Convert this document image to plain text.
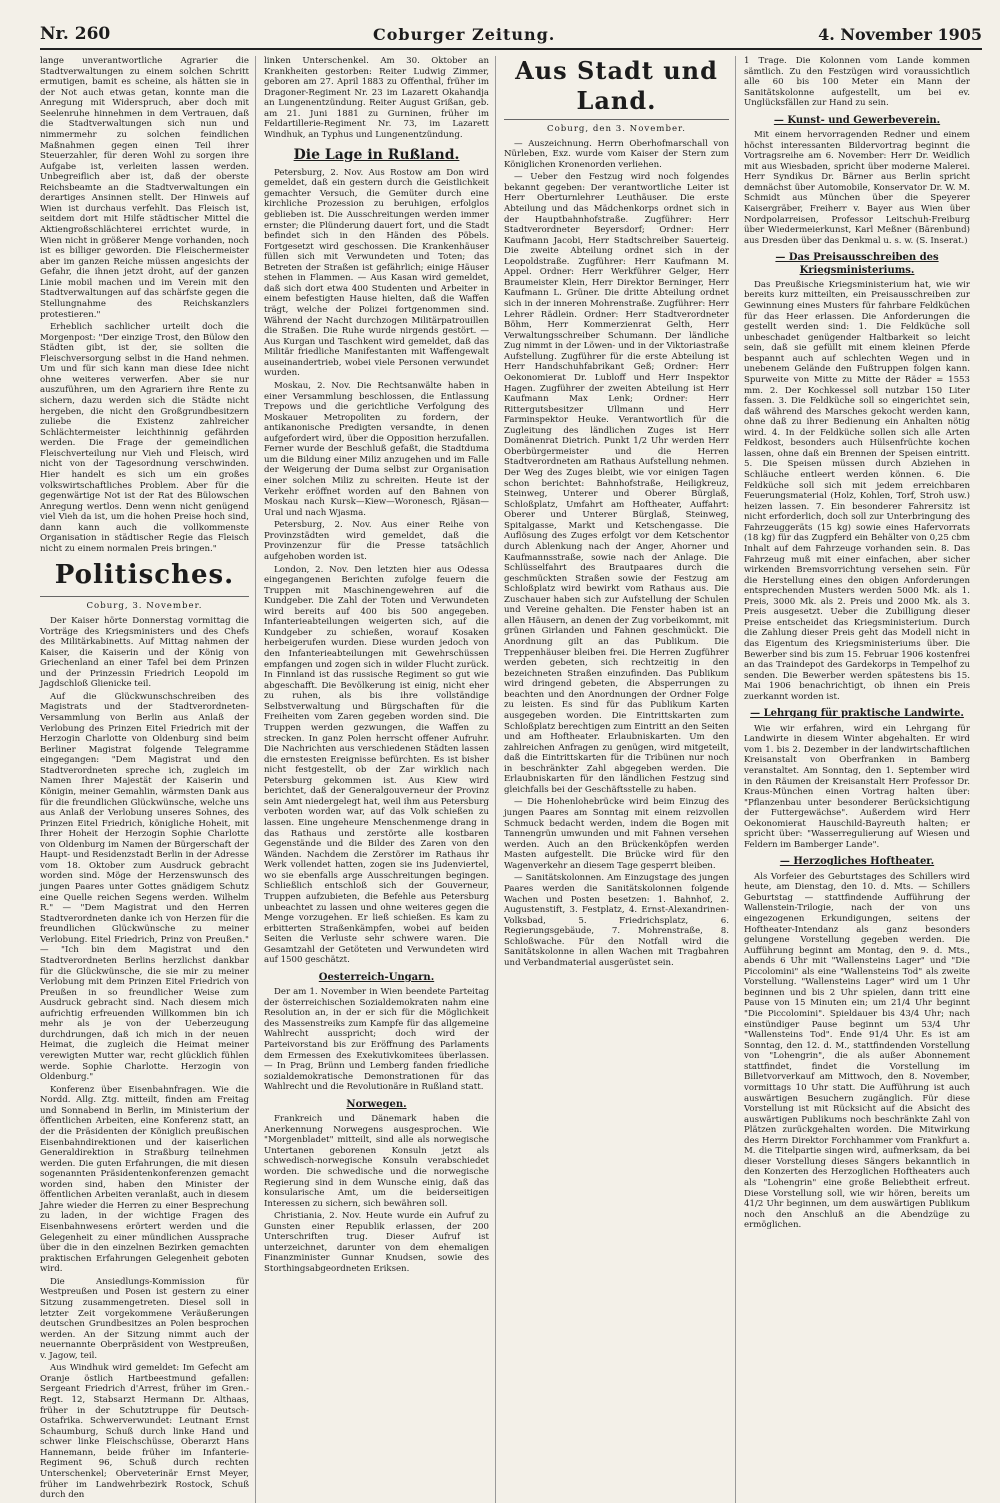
Nr. 260	Coburger Zeitung.	4. November 1905

lange unverantwortliche Agrarier die Stadtverwaltungen zu einem solchen Schritt ermutigen, bamit es scheine, als hätten sie in der Not auch etwas getan, konnte man die Anregung mit Widerspruch, aber doch mit Seelenruhe hinnehmen in dem Vertrauen, daß die Stadtverwaltungen sich nun und nimmermehr zu solchen feindlichen Maßnahmen gegen einen Teil ihrer Steuerzahler, für deren Wohl zu sorgen ihre Aufgabe ist, verleiten lassen werden. Unbegreiflich aber ist, daß der oberste Reichsbeamte an die Stadtverwaltungen ein derartiges Ansinnen stellt. Der Hinweis auf Wien ist durchaus verfehlt. Das Fleisch ist, seitdem dort mit Hilfe städtischer Mittel die Aktiengroßschlächterei errichtet wurde, in Wien nicht in größerer Menge vorhanden, noch ist es billiger geworden. Die Fleischermeister aber im ganzen Reiche müssen angesichts der Gefahr, die ihnen jetzt droht, auf der ganzen Linie mobil machen und im Verein mit den Stadtverwaltungen auf das schärfste gegen die Stellungnahme des Reichskanzlers protestieren."

Erheblich sachlicher urteilt doch die Morgenpost: "Der einzige Trost, den Bülow den Städten gibt, ist der, sie sollten die Fleischversorgung selbst in die Hand nehmen. Um und für sich kann man diese Idee nicht ohne weiteres verwerfen. Aber sie nur auszuführen, um den Agrariern ihre Rente zu sichern, dazu werden sich die Städte nicht hergeben, die nicht den Großgrundbesitzern zuliebe die Existenz zahlreicher Schlächtermeister leichthinnig gefährden werden. Die Frage der gemeindlichen Fleischverteilung nur Vieh und Fleisch, wird nicht von der Tagesordnung verschwinden. Hier handelt es sich um ein großes volkswirtschaftliches Problem. Aber für die gegenwärtige Not ist der Rat des Bülowschen Anregung wertlos. Denn wenn nicht genügend viel Vieh da ist, um die hohen Preise hoch sind, dann kann auch die vollkommenste Organisation in städtischer Regie das Fleisch nicht zu einem normalen Preis bringen."

Politisches.
Coburg, 3. November.

Der Kaiser hörte Donnerstag vormittag die Vorträge des Kriegsministers und des Chefs des Militärkabinetts. Auf Mittag nahmen der Kaiser, die Kaiserin und der König von Griechenland an einer Tafel bei dem Prinzen und der Prinzessin Friedrich Leopold im Jagdschloß Glienicke teil.

Auf die Glückwunschschreiben des Magistrats und der Stadtverordneten-Versammlung von Berlin aus Anlaß der Verlobung des Prinzen Eitel Friedrich mit der Herzogin Charlotte von Oldenburg sind beim Berliner Magistrat folgende Telegramme eingegangen: "Dem Magistrat und den Stadtverordneten spreche ich, zugleich im Namen Ihrer Majestät der Kaiserin und Königin, meiner Gemahlin, wärmsten Dank aus für die freundlichen Glückwünsche, welche uns aus Anlaß der Verlobung unseres Sohnes, des Prinzen Eitel Friedrich, königliche Hoheit, mit Ihrer Hoheit der Herzogin Sophie Charlotte von Oldenburg im Namen der Bürgerschaft der Haupt- und Residenzstadt Berlin in der Adresse vom 18. Oktober zum Ausdruck gebracht worden sind. Möge der Herzenswunsch des jungen Paares unter Gottes gnädigem Schutz eine Quelle reichen Segens werden. Wilhelm R." — "Dem Magistrat und den Herren Stadtverordneten danke ich von Herzen für die freundlichen Glückwünsche zu meiner Verlobung. Eitel Friedrich, Prinz von Preußen." — "Ich bin dem Magistrat und den Stadtverordneten Berlins herzlichst dankbar für die Glückwünsche, die sie mir zu meiner Verlobung mit dem Prinzen Eitel Friedrich von Preußen in so freundlicher Weise zum Ausdruck gebracht sind. Nach diesem mich aufrichtig erfreuenden Willkommen bin ich mehr als je von der Ueberzeugung durchdrungen, daß ich mich in der neuen Heimat, die zugleich die Heimat meiner verewigten Mutter war, recht glücklich fühlen werde. Sophie Charlotte. Herzogin von Oldenburg."

Konferenz über Eisenbahnfragen. Wie die Nordd. Allg. Ztg. mitteilt, finden am Freitag und Sonnabend in Berlin, im Ministerium der öffentlichen Arbeiten, eine Konferenz statt, an der die Präsidenten der Königlich preußischen Eisenbahndirektionen und der kaiserlichen Generaldirektion in Straßburg teilnehmen werden. Die guten Erfahrungen, die mit diesen sogenannten Präsidentenkonferenzen gemacht worden sind, haben den Minister der öffentlichen Arbeiten veranlaßt, auch in diesem Jahre wieder die Herren zu einer Besprechung zu laden, in der wichtige Fragen des Eisenbahnwesens erörtert werden und die Gelegenheit zu einer mündlichen Aussprache über die in den einzelnen Bezirken gemachten praktischen Erfahrungen Gelegenheit geboten wird.

Die Ansiedlungs-Kommission für Westpreußen und Posen ist gestern zu einer Sitzung zusammengetreten. Diesel soll in letzter Zeit vorgekommene Veräußerungen deutschen Grundbesitzes an Polen besprochen werden. An der Sitzung nimmt auch der neuernannte Oberpräsident von Westpreußen, v. Jagow, teil.

Aus Windhuk wird gemeldet: Im Gefecht am Oranje östlich Hartbeestmund gefallen: Sergeant Friedrich d'Arrest, früher im Gren.-Regt. 12, Stabsarzt Hermann Dr. Althaas, früher in der Schutztruppe für Deutsch-Ostafrika. Schwerverwundet: Leutnant Ernst Schaumburg, Schuß durch linke Hand und schwer linke Fleischschüsse, Oberarzt Hans Hannemann, beide früher im Infanterie-Regiment 96, Schuß durch rechten Unterschenkel; Oberveterinär Ernst Meyer, früher im Landwehrbezirk Rostock, Schuß durch den

linken Unterschenkel. Am 30. Oktober an Krankheiten gestorben: Reiter Ludwig Zimmer, geboren am 27. April 1883 zu Offenthal, früher im Dragoner-Regiment Nr. 23 im Lazarett Okahandja an Lungenentzündung. Reiter August Grißan, geb. am 21. Juni 1881 zu Gurninen, früher im Feldartillerie-Regiment Nr. 73, im Lazarett Windhuk, an Typhus und Lungenentzündung.

Die Lage in Rußland.

Petersburg, 2. Nov. Aus Rostow am Don wird gemeldet, daß ein gestern durch die Geistlichkeit gemachter Versuch, die Gemüter durch eine kirchliche Prozession zu beruhigen, erfolglos geblieben ist. Die Ausschreitungen werden immer ernster; die Plünderung dauert fort, und die Stadt befindet sich in den Händen des Pöbels. Fortgesetzt wird geschossen. Die Krankenhäuser füllen sich mit Verwundeten und Toten; das Betreten der Straßen ist gefährlich; einige Häuser stehen in Flammen. — Aus Kasan wird gemeldet, daß sich dort etwa 400 Studenten und Arbeiter in einem befestigten Hause hielten, daß die Waffen trägt, welche der Polizei fortgenommen sind. Während der Nacht durchzogen Militärpatrouillen die Straßen. Die Ruhe wurde nirgends gestört. — Aus Kurgan und Taschkent wird gemeldet, daß das Militär friedliche Manifestanten mit Waffengewalt auseinandertrieb, wobei viele Personen verwundet wurden.

Moskau, 2. Nov. Die Rechtsanwälte haben in einer Versammlung beschlossen, die Entlassung Trepows und die gerichtliche Verfolgung des Moskauer Metropoliten zu fordern, der antikanonische Predigten versandte, in denen aufgefordert wird, über die Opposition herzufallen. Ferner wurde der Beschluß gefaßt, die Stadtduma um die Bildung einer Miliz anzugehen und im Falle der Weigerung der Duma selbst zur Organisation einer solchen Miliz zu schreiten. Heute ist der Verkehr eröffnet worden auf den Bahnen von Moskau nach Kursk—Kiew—Woronesch, Rjäsan—Ural und nach Wjasma.

Petersburg, 2. Nov. Aus einer Reihe von Provinzstädten wird gemeldet, daß die Provinzenzur für die Presse tatsächlich aufgehoben worden ist.

London, 2. Nov. Den letzten hier aus Odessa eingegangenen Berichten zufolge feuern die Truppen mit Maschinengewehren auf die Kundgeber. Die Zahl der Toten und Verwundeten wird bereits auf 400 bis 500 angegeben. Infanterieabteilungen weigerten sich, auf die Kundgeber zu schießen, worauf Kosaken herbeigerufen wurden. Diese wurden jedoch von den Infanterieabteilungen mit Gewehrschüssen empfangen und zogen sich in wilder Flucht zurück. In Finnland ist das russische Regiment so gut wie abgeschafft. Die Bevölkerung ist einig, nicht eher zu ruhen, als bis ihre vollständige Selbstverwaltung und Bürgschaften für die Freiheiten vom Zaren gegeben worden sind. Die Truppen werden gezwungen, die Waffen zu strecken. In ganz Polen herrscht offener Aufruhr. Die Nachrichten aus verschiedenen Städten lassen die ernstesten Ereignisse befürchten. Es ist bisher nicht festgestellt, ob der Zar wirklich nach Petersburg gekommen ist. Aus Kiew wird berichtet, daß der Generalgouverneur der Provinz sein Amt niedergelegt hat, weil ihm aus Petersburg verboten worden war, auf das Volk schießen zu lassen. Eine ungeheure Menschenmenge drang in das Rathaus und zerstörte alle kostbaren Gegenstände und die Bilder des Zaren von den Wänden. Nachdem die Zerstörer im Rathaus ihr Werk vollendet hatten, zogen sie ins Judenviertel, wo sie ebenfalls arge Ausschreitungen begingen. Schließlich entschloß sich der Gouverneur, Truppen aufzubieten, die Befehle aus Petersburg unbeachtet zu lassen und ohne weiteres gegen die Menge vorzugehen. Er ließ schießen. Es kam zu erbitterten Straßenkämpfen, wobei auf beiden Seiten die Verluste sehr schwere waren. Die Gesamtzahl der Getöteten und Verwundeten wird auf 1500 geschätzt.

Oesterreich-Ungarn.

Der am 1. November in Wien beendete Parteitag der österreichischen Sozialdemokraten nahm eine Resolution an, in der er sich für die Möglichkeit des Massenstreiks zum Kampfe für das allgemeine Wahlrecht ausspricht; doch wird der Parteivorstand bis zur Eröffnung des Parlaments dem Ermessen des Exekutivkomitees überlassen. — In Prag, Brünn und Lemberg fanden friedliche sozialdemokratische Demonstrationen für das Wahlrecht und die Revolutionäre in Rußland statt.

Norwegen.

Frankreich und Dänemark haben die Anerkennung Norwegens ausgesprochen. Wie "Morgenbladet" mitteilt, sind alle als norwegische Untertanen geborenen Konsuln jetzt als schwedisch-norwegische Konsuln verabschiedet worden. Die schwedische und die norwegische Regierung sind in dem Wunsche einig, daß das konsularische Amt, um die beiderseitigen Interessen zu sichern, sich bewähren soll.

Christiania, 2. Nov. Heute wurde ein Aufruf zu Gunsten einer Republik erlassen, der 200 Unterschriften trug. Dieser Aufruf ist unterzeichnet, darunter von dem ehemaligen Finanzminister Gunnar Knudsen, sowie des Storthingsabgeordneten Eriksen.

Aus Stadt und Land.
Coburg, den 3. November.

— Auszeichnung. Herrn Oberhofmarschall von Nürleben, Exz. wurde vom Kaiser der Stern zum Königlichen Kronenorden verliehen.

— Ueber den Festzug wird noch folgendes bekannt gegeben: Der verantwortliche Leiter ist Herr Oberturnlehrer Leuthäuser. Die erste Abteilung und das Mädchenkorps ordnet sich in der Hauptbahnhofstraße. Zugführer: Herr Stadtverordneter Beyersdorf; Ordner: Herr Kaufmann Jacobi, Herr Stadtschreiber Sauerteig. Die zweite Abteilung ordnet sich in der Leopoldstraße. Zugführer: Herr Kaufmann M. Appel. Ordner: Herr Werkführer Gelger, Herr Braumeister Klein, Herr Direktor Berninger, Herr Kaufmann L. Grüner. Die dritte Abteilung ordnet sich in der inneren Mohrenstraße. Zugführer: Herr Lehrer Rädlein. Ordner: Herr Stadtverordneter Böhm, Herr Kommerzienrat Gelth, Herr Verwaltungsschreiber Schumann. Der ländliche Zug nimmt in der Löwen- und in der Viktoriastraße Aufstellung. Zugführer für die erste Abteilung ist Herr Handschuhfabrikant Geß; Ordner: Herr Oekonomierat Dr. Lubloff und Herr Inspektor Hagen. Zugführer der zweiten Abteilung ist Herr Kaufmann Max Lenk; Ordner: Herr Rittergutsbesitzer Ullmann und Herr Farminspektor Heuke. Verantwortlich für die Zugleitung des ländlichen Zuges ist Herr Domänenrat Dietrich. Punkt 1/2 Uhr werden Herr Oberbürgermeister und die Herren Stadtverordneten am Rathaus Aufstellung nehmen. Der Weg des Zuges bleibt, wie vor einigen Tagen schon berichtet: Bahnhofstraße, Heiligkreuz, Steinweg, Unterer und Oberer Bürglaß, Schloßplatz, Umfahrt am Hoftheater, Auffahrt: Oberer und Unterer Bürglaß, Steinweg, Spitalgasse, Markt und Ketschengasse. Die Auflösung des Zuges erfolgt vor dem Ketschentor durch Ablenkung nach der Anger, Ahorner und Kaufmannsstraße, sowie nach der Anlage. Die Schlüsselfahrt des Brautpaares durch die geschmückten Straßen sowie der Festzug am Schloßplatz wird bewirkt vom Rathaus aus. Die Zuschauer haben sich zur Aufstellung der Schulen und Vereine gehalten. Die Fenster haben ist an allen Häusern, an denen der Zug vorbeikommt, mit grünen Girlanden und Fahnen geschmückt. Die Anordnung gilt an das Publikum. Die Treppenhäuser bleiben frei. Die Herren Zugführer werden gebeten, sich rechtzeitig in den bezeichneten Straßen einzufinden. Das Publikum wird dringend gebeten, die Absperrungen zu beachten und den Anordnungen der Ordner Folge zu leisten. Es sind für das Publikum Karten ausgegeben worden. Die Eintrittskarten zum Schloßplatz berechtigen zum Eintritt an den Seiten und am Hoftheater. Erlaubniskarten. Um den zahlreichen Anfragen zu genügen, wird mitgeteilt, daß die Eintrittskarten für die Tribünen nur noch in beschränkter Zahl abgegeben werden. Die Erlaubniskarten für den ländlichen Festzug sind gleichfalls bei der Geschäftsstelle zu haben.

— Die Hohenlohebrücke wird beim Einzug des jungen Paares am Sonntag mit einem reizvollen Schmuck bedacht werden, indem die Bogen mit Tannengrün umwunden und mit Fahnen versehen werden. Auch an den Brückenköpfen werden Masten aufgestellt. Die Brücke wird für den Wagenverkehr an diesem Tage gesperrt bleiben.

— Sanitätskolonnen. Am Einzugstage des jungen Paares werden die Sanitätskolonnen folgende Wachen und Posten besetzen: 1. Bahnhof, 2. Augustenstift, 3. Festplatz, 4. Ernst-Alexandrinen-Volksbad, 5. Friedrichsplatz, 6. Regierungsgebäude, 7. Mohrenstraße, 8. Schloßwache. Für den Notfall wird die Sanitätskolonne in allen Wachen mit Tragbahren und Verbandmaterial ausgerüstet sein.

1 Trage. Die Kolonnen vom Lande kommen sämtlich. Zu den Festzügen wird voraussichtlich alle 60 bis 100 Meter ein Mann der Sanitätskolonne aufgestellt, um bei ev. Unglücksfällen zur Hand zu sein.

— Kunst- und Gewerbeverein.

Mit einem hervorragenden Redner und einem höchst interessanten Bildervortrag beginnt die Vortragsreihe am 6. November: Herr Dr. Weidlich mit aus Wiesbaden, spricht über moderne Malerei. Herr Syndikus Dr. Bärner aus Berlin spricht demnächst über Automobile, Konservator Dr. W. M. Schmidt aus München über die Speyerer Kaisergräber, Freiherr v. Bayer aus Wien über Nordpolarreisen, Professor Leitschuh-Freiburg über Wiedermeierkunst, Karl Meßner (Bärenbund) aus Dresden über das Denkmal u. s. w. (S. Inserat.)

— Das Preisausschreiben des Kriegsministeriums.

Das Preußische Kriegsministerium hat, wie wir bereits kurz mitteilten, ein Preisausschreiben zur Gewinnung eines Musters für fahrbare Feldküchen für das Heer erlassen. Die Anforderungen die gestellt werden sind: 1. Die Feldküche soll unbeschadet genügender Haltbarkeit so leicht sein, daß sie gefüllt mit einem kleinen Pferde bespannt auch auf schlechten Wegen und in unebenem Gelände den Fußtruppen folgen kann. Spurweite von Mitte zu Mitte der Räder = 1553 mm. 2. Der Kochkessel soll nutzbar 150 Liter fassen. 3. Die Feldküche soll so eingerichtet sein, daß während des Marsches gekocht werden kann, ohne daß zu ihrer Bedienung ein Anhalten nötig wird. 4. In der Feldküche sollen sich alle Arten Feldkost, besonders auch Hülsenfrüchte kochen lassen, ohne daß ein Brennen der Speisen eintritt. 5. Die Speisen müssen durch Abziehen in Schläuche entleert werden können. 6. Die Feldküche soll sich mit jedem erreichbaren Feuerungsmaterial (Holz, Kohlen, Torf, Stroh usw.) heizen lassen. 7. Ein besonderer Fahrersitz ist nicht erforderlich, doch soll zur Unterbringung des Fahrzeuggeräts (15 kg) sowie eines Hafervorrats (18 kg) für das Zugpferd ein Behälter von 0,25 cbm Inhalt auf dem Fahrzeuge vorhanden sein. 8. Das Fahrzeug muß mit einer einfachen, aber sicher wirkenden Bremsvorrichtung versehen sein. Für die Herstellung eines den obigen Anforderungen entsprechenden Musters werden 5000 Mk. als 1. Preis, 3000 Mk. als 2. Preis und 2000 Mk. als 3. Preis ausgesetzt. Ueber die Zubilligung dieser Preise entscheidet das Kriegsministerium. Durch die Zahlung dieser Preis geht das Modell nicht in das Eigentum des Kriegsministeriums über. Die Bewerber sind bis zum 15. Februar 1906 kostenfrei an das Traindepot des Gardekorps in Tempelhof zu senden. Die Bewerber werden spätestens bis 15. Mai 1906 benachrichtigt, ob ihnen ein Preis zuerkannt worden ist.

— Lehrgang für praktische Landwirte.

Wie wir erfahren, wird ein Lehrgang für Landwirte in diesem Winter abgehalten. Er wird vom 1. bis 2. Dezember in der landwirtschaftlichen Kreisanstalt von Oberfranken in Bamberg veranstaltet. Am Sonntag, den 1. September wird in den Räumen der Kreisanstalt Herr Professor Dr. Kraus-München einen Vortrag halten über: "Pflanzenbau unter besonderer Berücksichtigung der Futtergewächse". Außerdem wird Herr Oekonomierat Hauschild-Bayreuth halten; er spricht über: "Wasserregulierung auf Wiesen und Feldern im Bamberger Lande".

— Herzogliches Hoftheater.

Als Vorfeier des Geburtstages des Schillers wird heute, am Dienstag, den 10. d. Mts. — Schillers Geburtstag — stattfindende Aufführung der Wallenstein-Trilogie, nach der von uns eingezogenen Erkundigungen, seitens der Hoftheater-Intendanz als ganz besonders gelungene Vorstellung gegeben werden. Die Aufführung beginnt am Montag, den 9. d. Mts., abends 6 Uhr mit "Wallensteins Lager" und "Die Piccolomini" als eine "Wallensteins Tod" als zweite Vorstellung. "Wallensteins Lager" wird um 1 Uhr beginnen und bis 2 Uhr spielen, dann tritt eine Pause von 15 Minuten ein; um 21/4 Uhr beginnt "Die Piccolomini". Spieldauer bis 43/4 Uhr; nach einstündiger Pause beginnt um 53/4 Uhr "Wallensteins Tod". Ende 91/4 Uhr. Es ist am Sonntag, den 12. d. M., stattfindenden Vorstellung von "Lohengrin", die als außer Abonnement stattfindet, findet die Vorstellung im Billetvorverkauf am Mittwoch, den 8. November, vormittags 10 Uhr statt. Die Aufführung ist auch auswärtigen Besuchern zugänglich. Für diese Vorstellung ist mit Rücksicht auf die Absicht des auswärtigen Publikums noch beschränkte Zahl von Plätzen zurückgehalten worden. Die Mitwirkung des Herrn Direktor Forchhammer vom Frankfurt a. M. die Titelpartie singen wird, aufmerksam, da bei dieser Vorstellung dieses Sängers bekanntlich in den Konzerten des Herzoglichen Hoftheaters auch als "Lohengrin" eine große Beliebtheit erfreut. Diese Vorstellung soll, wie wir hören, bereits um 41/2 Uhr beginnen, um dem auswärtigen Publikum noch den Anschluß an die Abendzüge zu ermöglichen.
